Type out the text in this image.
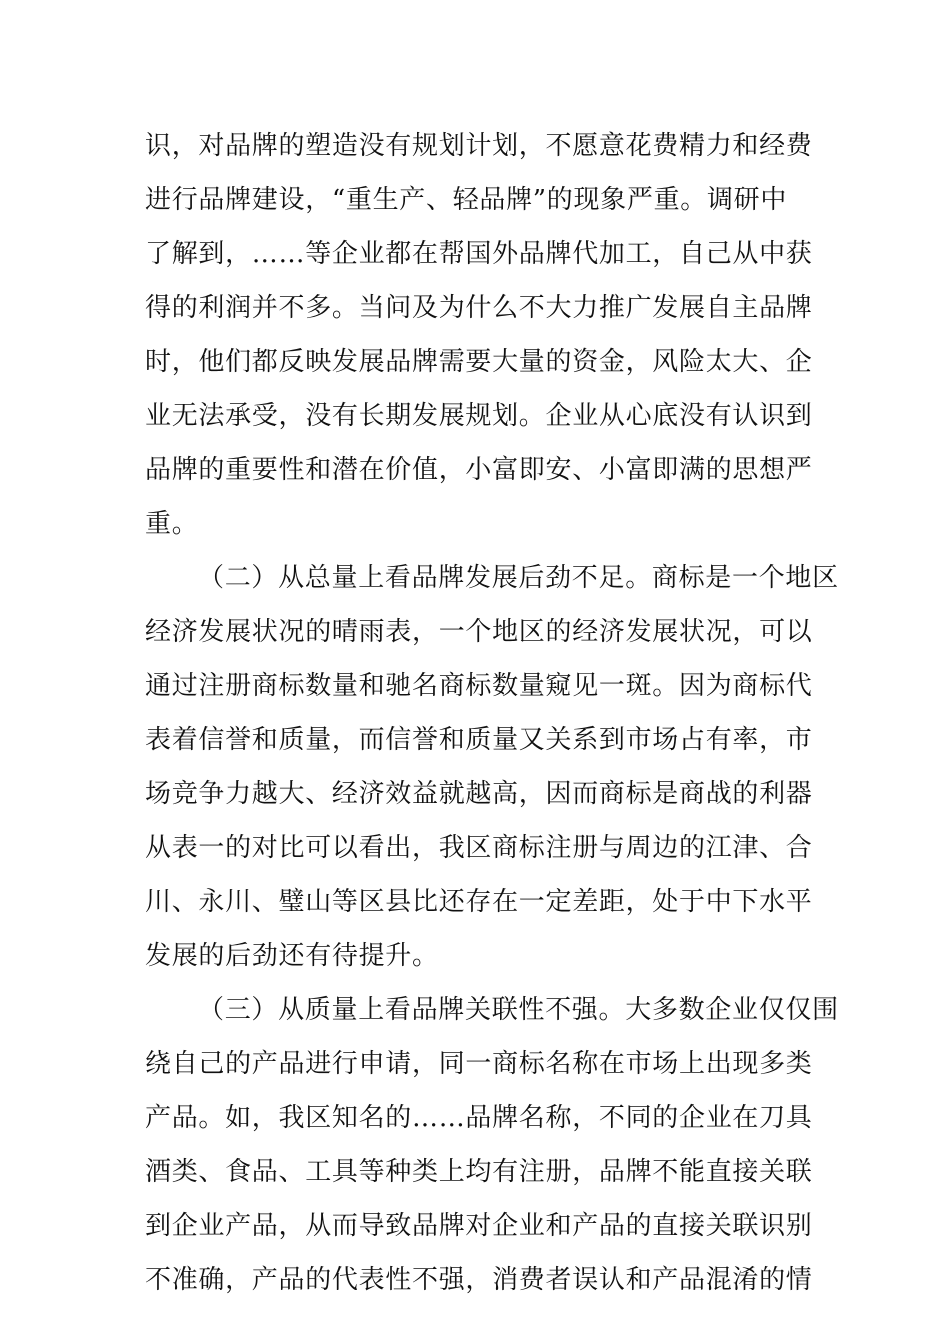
识，对品牌的塑造没有规划计划，不愿意花费精力和经费
进行品牌建设，“重生产、轻品牌”的现象严重。调研中
了解到，……等企业都在帮国外品牌代加工，自己从中获
得的利润并不多。当问及为什么不大力推广发展自主品牌
时，他们都反映发展品牌需要大量的资金，风险太大、企
业无法承受，没有长期发展规划。企业从心底没有认识到
品牌的重要性和潜在价值，小富即安、小富即满的思想严
重。
（二）从总量上看品牌发展后劲不足。商标是一个地区
经济发展状况的晴雨表，一个地区的经济发展状况，可以
通过注册商标数量和驰名商标数量窥见一斑。因为商标代
表着信誉和质量，而信誉和质量又关系到市场占有率，市
场竞争力越大、经济效益就越高，因而商标是商战的利器
从表一的对比可以看出，我区商标注册与周边的江津、合
川、永川、璧山等区县比还存在一定差距，处于中下水平
发展的后劲还有待提升。
（三）从质量上看品牌关联性不强。大多数企业仅仅围
绕自己的产品进行申请，同一商标名称在市场上出现多类
产品。如，我区知名的……品牌名称，不同的企业在刀具
酒类、食品、工具等种类上均有注册，品牌不能直接关联
到企业产品，从而导致品牌对企业和产品的直接关联识别
不准确，产品的代表性不强，消费者误认和产品混淆的情
